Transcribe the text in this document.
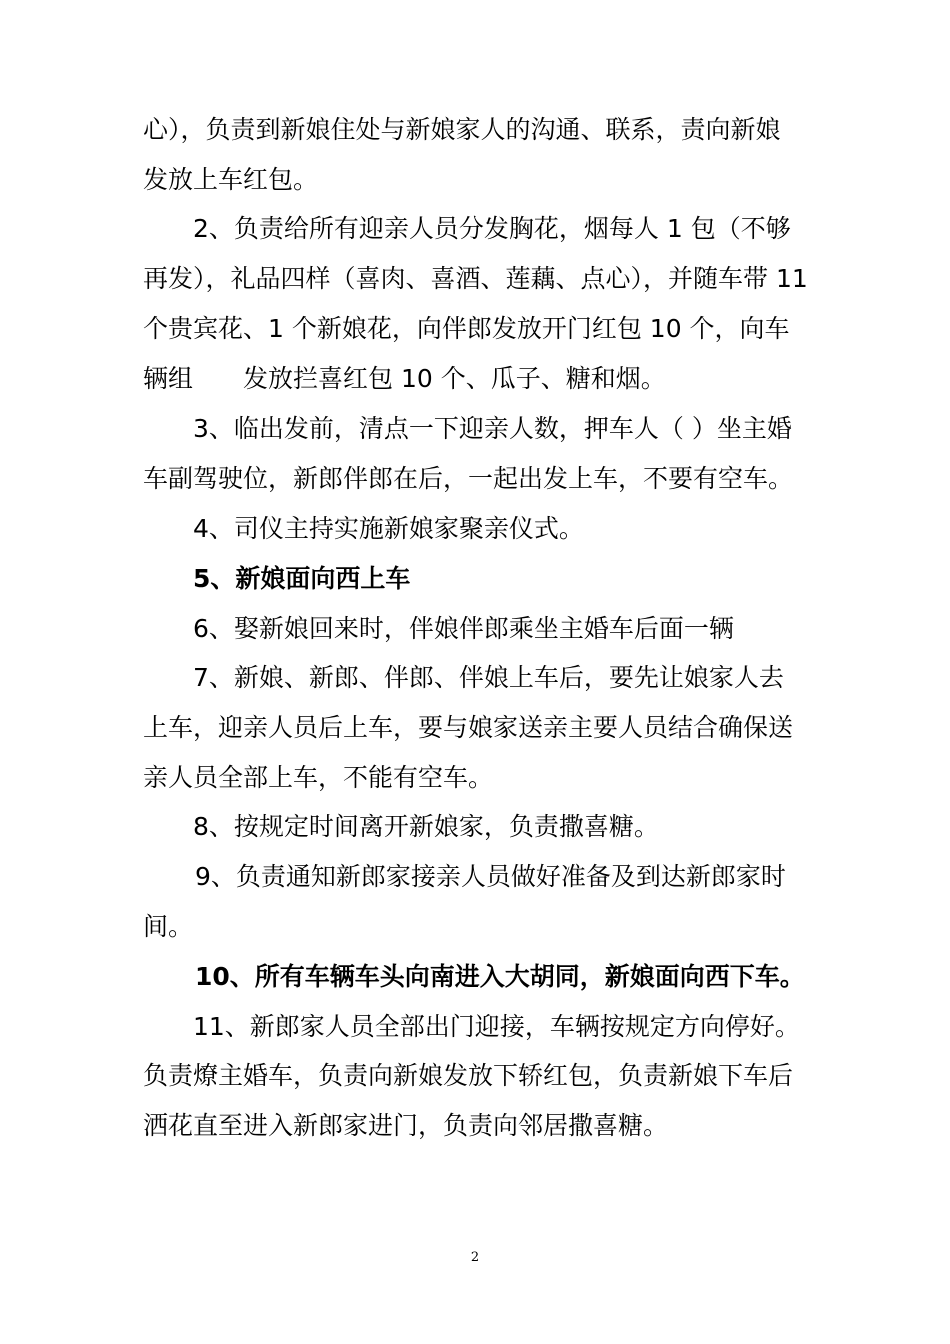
心），负责到新娘住处与新娘家人的沟通、联系，责向新娘

发放上车红包。

2、负责给所有迎亲人员分发胸花，烟每人 1 包（不够

再发），礼品四样（喜肉、喜酒、莲藕、点心），并随车带 11

个贵宾花、1 个新娘花，向伴郎发放开门红包 10 个，向车

辆组　　发放拦喜红包 10 个、瓜子、糖和烟。

3、临出发前，清点一下迎亲人数，押车人（ ）坐主婚

车副驾驶位，新郎伴郎在后，一起出发上车，不要有空车。

4、司仪主持实施新娘家聚亲仪式。

5、新娘面向西上车

6、娶新娘回来时，伴娘伴郎乘坐主婚车后面一辆

7、新娘、新郎、伴郎、伴娘上车后，要先让娘家人去

上车，迎亲人员后上车，要与娘家送亲主要人员结合确保送

亲人员全部上车，不能有空车。

8、按规定时间离开新娘家，负责撒喜糖。

9、负责通知新郎家接亲人员做好准备及到达新郎家时

间。

10、所有车辆车头向南进入大胡同，新娘面向西下车。

11、新郎家人员全部出门迎接，车辆按规定方向停好。

负责燎主婚车，负责向新娘发放下轿红包，负责新娘下车后

洒花直至进入新郎家进门，负责向邻居撒喜糖。

2
